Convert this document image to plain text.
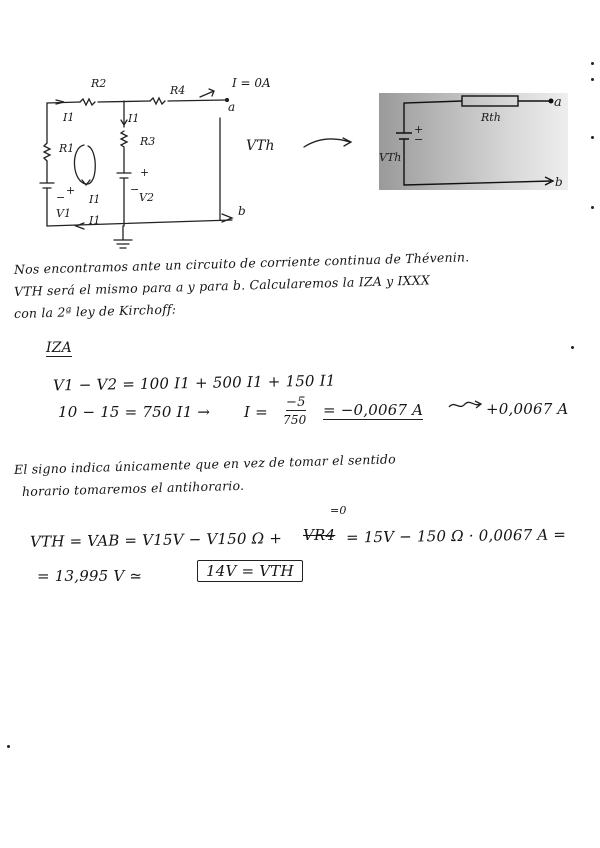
R2
R4
I = 0A
a
b
I1	I1
I1
I1
R1
R3	VTh
V1
V2
+
−
+
−
Rth
VTh
+
−
a
b
Nos encontramos ante un circuito de corriente continua de Thévenin.
VTH será el mismo para a y para b. Calcularemos la IZA y IXXX
con la 2ª ley de Kirchoff:
IZA
V1 − V2 = 100 I1 + 500 I1 + 150 I1
10 − 15 = 750 I1 → I =
−5
750
= −0,0067 A	+0,0067 A
El signo indica únicamente que en vez de tomar el sentido
horario tomaremos el antihorario.
VTH = VAB = V15V − V150 Ω + VR4
=0
= 15V − 150 Ω · 0,0067 A =
= 13,995 V ≃	14V = VTH
